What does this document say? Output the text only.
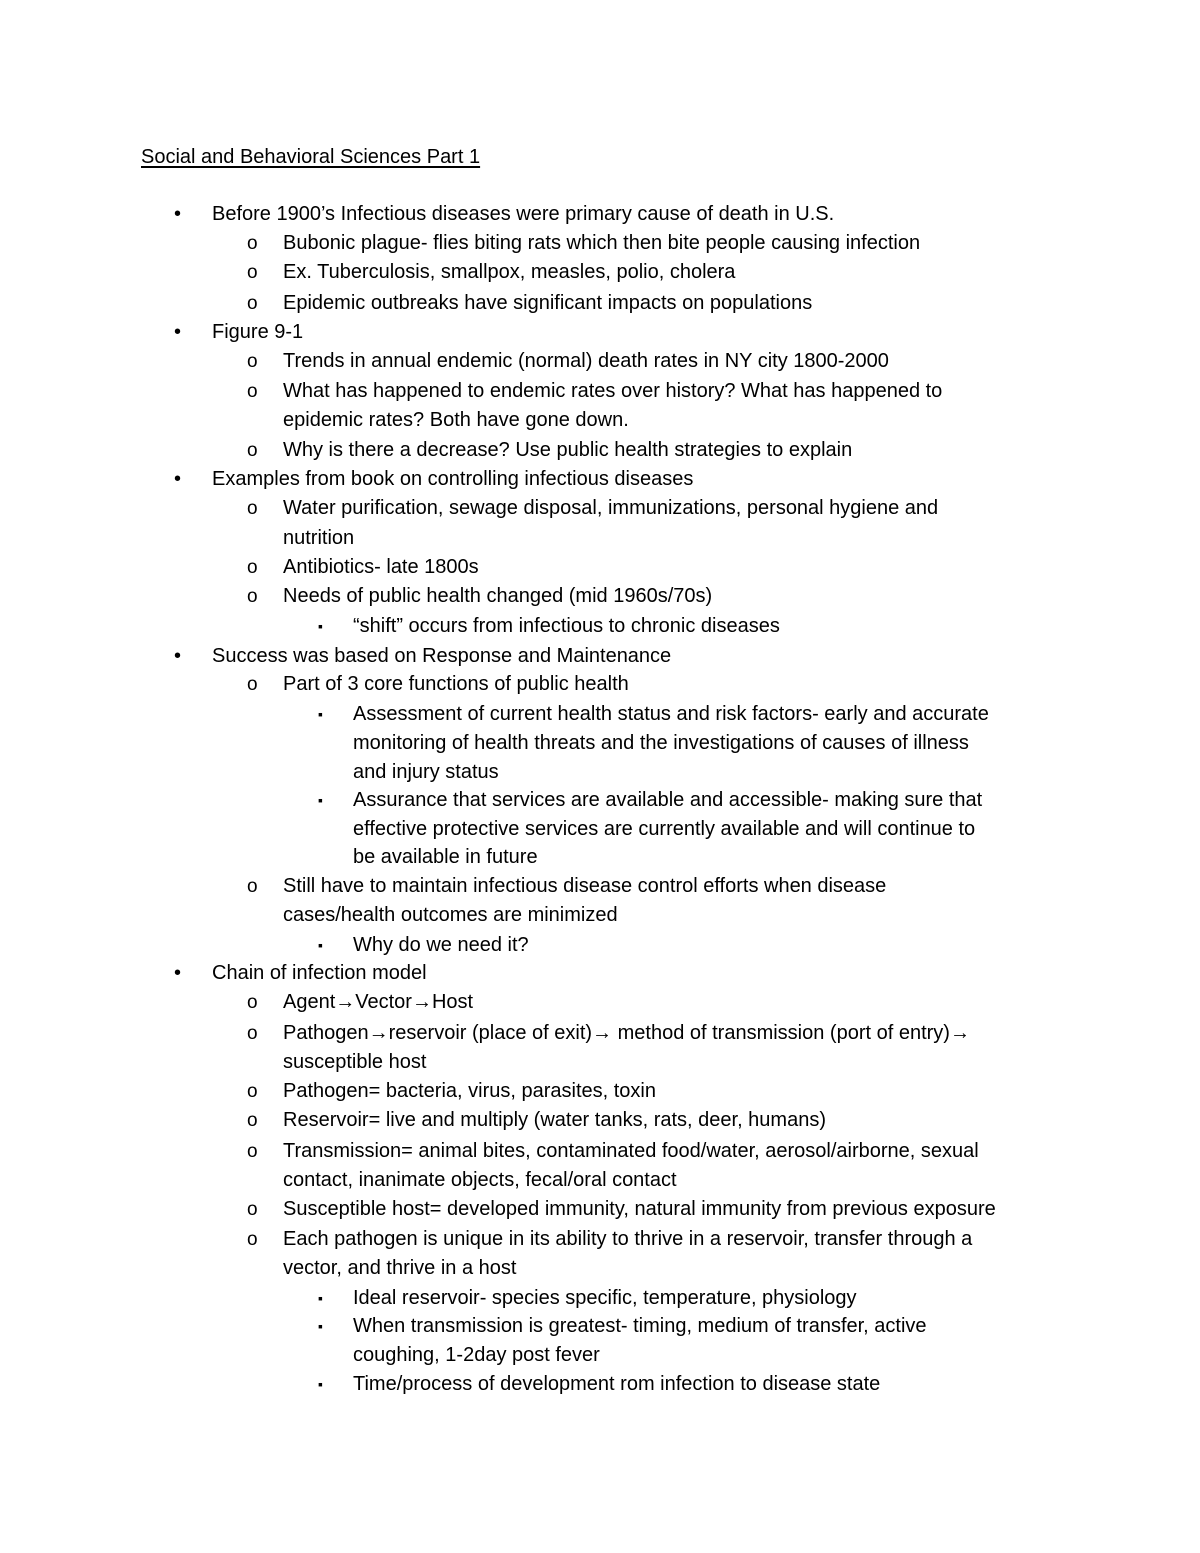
Social and Behavioral Sciences Part 1
• Before 1900’s Infectious diseases were primary cause of death in U.S.
o Bubonic plague- flies biting rats which then bite people causing infection
o Ex. Tuberculosis, smallpox, measles, polio, cholera
o Epidemic outbreaks have significant impacts on populations
• Figure 9-1
o Trends in annual endemic (normal) death rates in NY city 1800-2000
o What has happened to endemic rates over history? What has happened to
epidemic rates? Both have gone down.
o Why is there a decrease? Use public health strategies to explain
• Examples from book on controlling infectious diseases
o Water purification, sewage disposal, immunizations, personal hygiene and
nutrition
o Antibiotics- late 1800s
o Needs of public health changed (mid 1960s/70s)
▪ “shift” occurs from infectious to chronic diseases
• Success was based on Response and Maintenance
o Part of 3 core functions of public health
▪ Assessment of current health status and risk factors- early and accurate
monitoring of health threats and the investigations of causes of illness
and injury status
▪ Assurance that services are available and accessible- making sure that
effective protective services are currently available and will continue to
be available in future
o Still have to maintain infectious disease control efforts when disease
cases/health outcomes are minimized
▪ Why do we need it?
• Chain of infection model
o Agent→Vector→Host
o Pathogen→reservoir (place of exit)→ method of transmission (port of entry)→
susceptible host
o Pathogen= bacteria, virus, parasites, toxin
o Reservoir= live and multiply (water tanks, rats, deer, humans)
o Transmission= animal bites, contaminated food/water, aerosol/airborne, sexual
contact, inanimate objects, fecal/oral contact
o Susceptible host= developed immunity, natural immunity from previous exposure
o Each pathogen is unique in its ability to thrive in a reservoir, transfer through a
vector, and thrive in a host
▪ Ideal reservoir- species specific, temperature, physiology
▪ When transmission is greatest- timing, medium of transfer, active
coughing, 1-2day post fever
▪ Time/process of development rom infection to disease state
